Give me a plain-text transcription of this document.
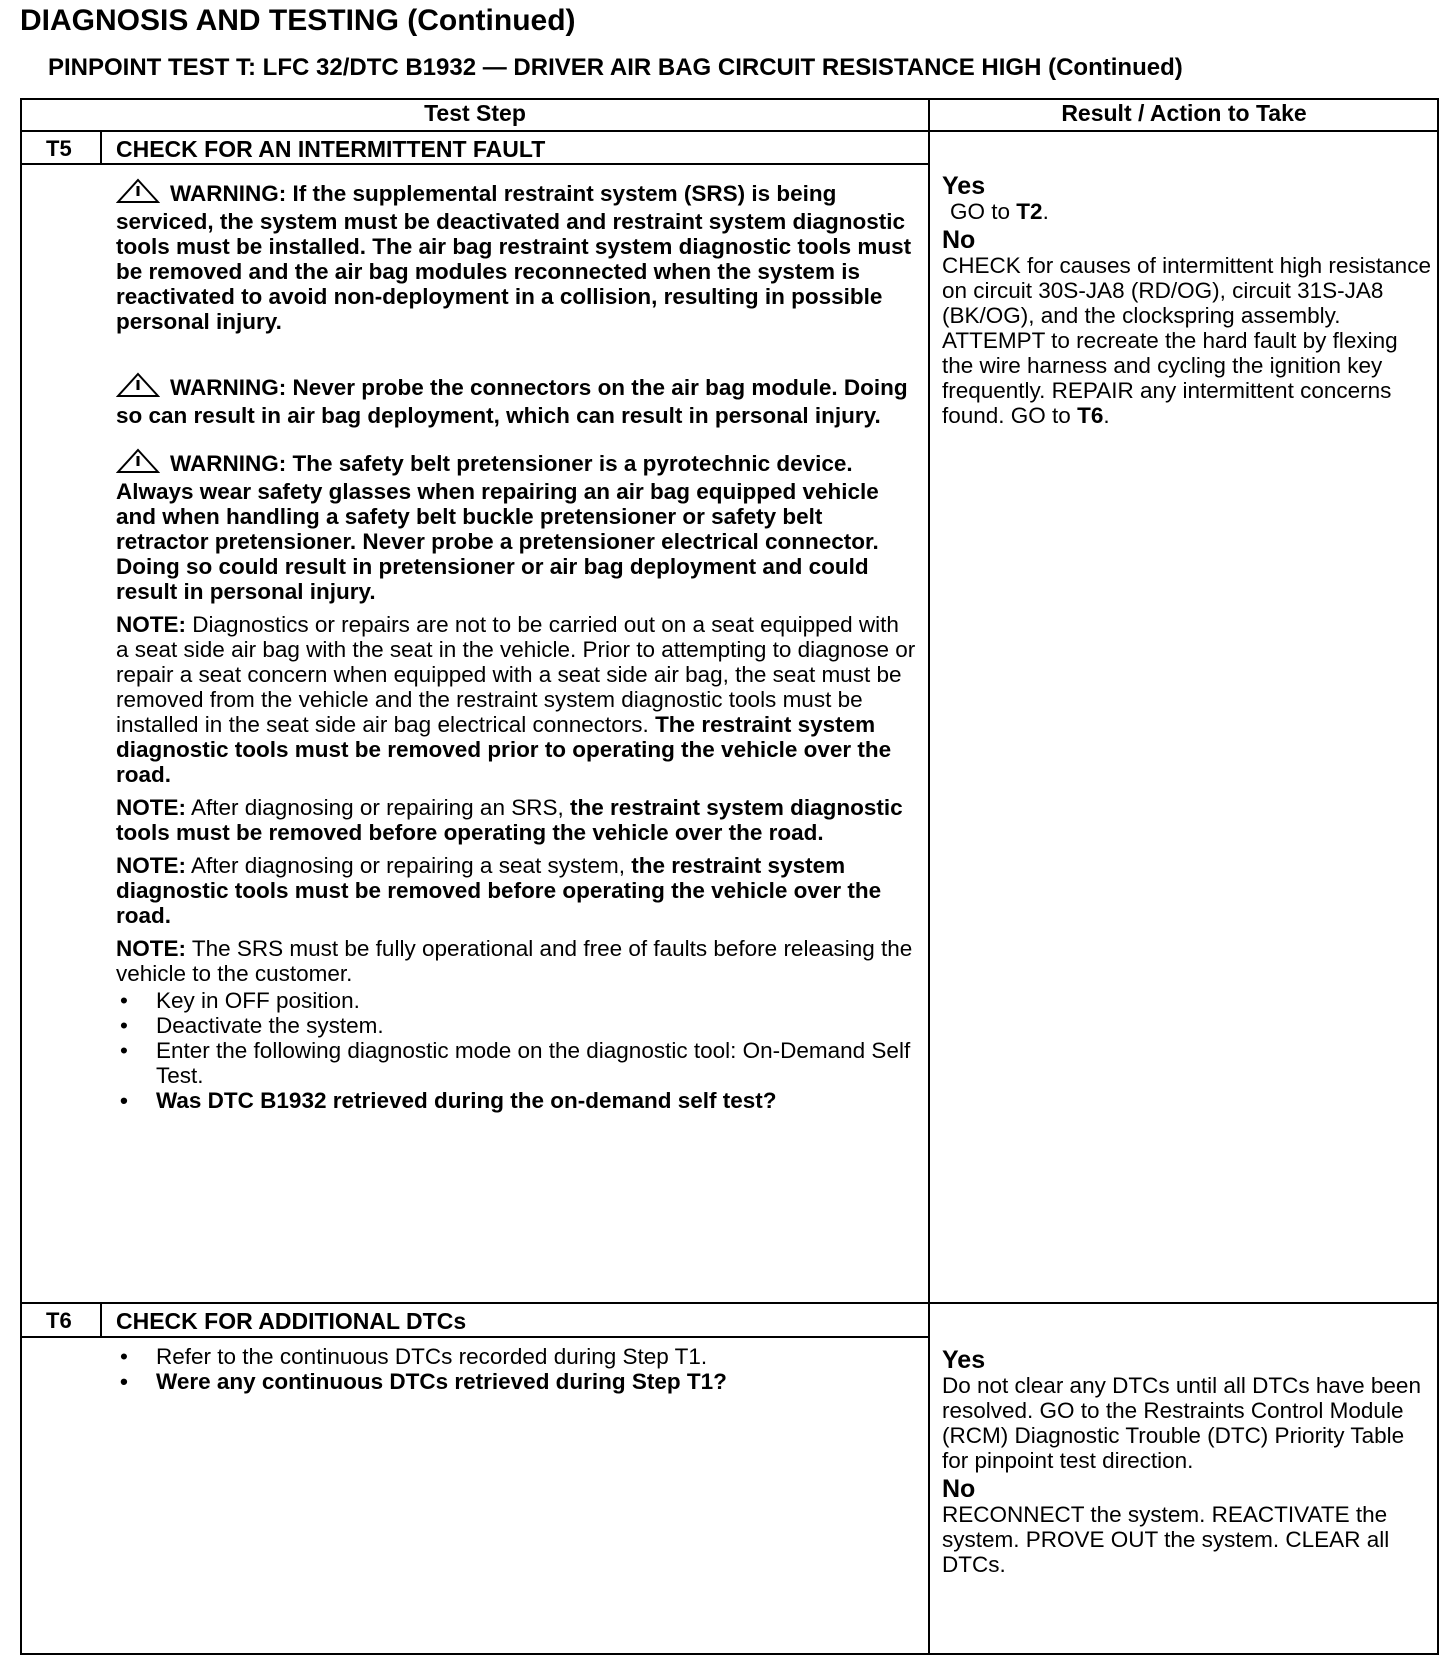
DIAGNOSIS AND TESTING (Continued)
PINPOINT TEST T: LFC 32/DTC B1932 — DRIVER AIR BAG CIRCUIT RESISTANCE HIGH (Continued)
Test Step	Result / Action to Take
T5 CHECK FOR AN INTERMITTENT FAULT

WARNING: If the supplemental restraint system (SRS) is being serviced, the system must be deactivated and restraint system diagnostic tools must be installed. The air bag restraint system diagnostic tools must be removed and the air bag modules reconnected when the system is reactivated to avoid non-deployment in a collision, resulting in possible personal injury.

WARNING: Never probe the connectors on the air bag module. Doing so can result in air bag deployment, which can result in personal injury.

WARNING: The safety belt pretensioner is a pyrotechnic device. Always wear safety glasses when repairing an air bag equipped vehicle and when handling a safety belt buckle pretensioner or safety belt retractor pretensioner. Never probe a pretensioner electrical connector. Doing so could result in pretensioner or air bag deployment and could result in personal injury.

NOTE: Diagnostics or repairs are not to be carried out on a seat equipped with a seat side air bag with the seat in the vehicle. Prior to attempting to diagnose or repair a seat concern when equipped with a seat side air bag, the seat must be removed from the vehicle and the restraint system diagnostic tools must be installed in the seat side air bag electrical connectors. The restraint system diagnostic tools must be removed prior to operating the vehicle over the road.

NOTE: After diagnosing or repairing an SRS, the restraint system diagnostic tools must be removed before operating the vehicle over the road.

NOTE: After diagnosing or repairing a seat system, the restraint system diagnostic tools must be removed before operating the vehicle over the road.

NOTE: The SRS must be fully operational and free of faults before releasing the vehicle to the customer.

• Key in OFF position.
• Deactivate the system.
• Enter the following diagnostic mode on the diagnostic tool: On-Demand Self Test.
• Was DTC B1932 retrieved during the on-demand self test?
Yes
GO to T2.
No
CHECK for causes of intermittent high resistance on circuit 30S-JA8 (RD/OG), circuit 31S-JA8 (BK/OG), and the clockspring assembly. ATTEMPT to recreate the hard fault by flexing the wire harness and cycling the ignition key frequently. REPAIR any intermittent concerns found. GO to T6.
T6 CHECK FOR ADDITIONAL DTCs
• Refer to the continuous DTCs recorded during Step T1.
• Were any continuous DTCs retrieved during Step T1?
Yes
Do not clear any DTCs until all DTCs have been resolved. GO to the Restraints Control Module (RCM) Diagnostic Trouble (DTC) Priority Table for pinpoint test direction.
No
RECONNECT the system. REACTIVATE the system. PROVE OUT the system. CLEAR all DTCs.
